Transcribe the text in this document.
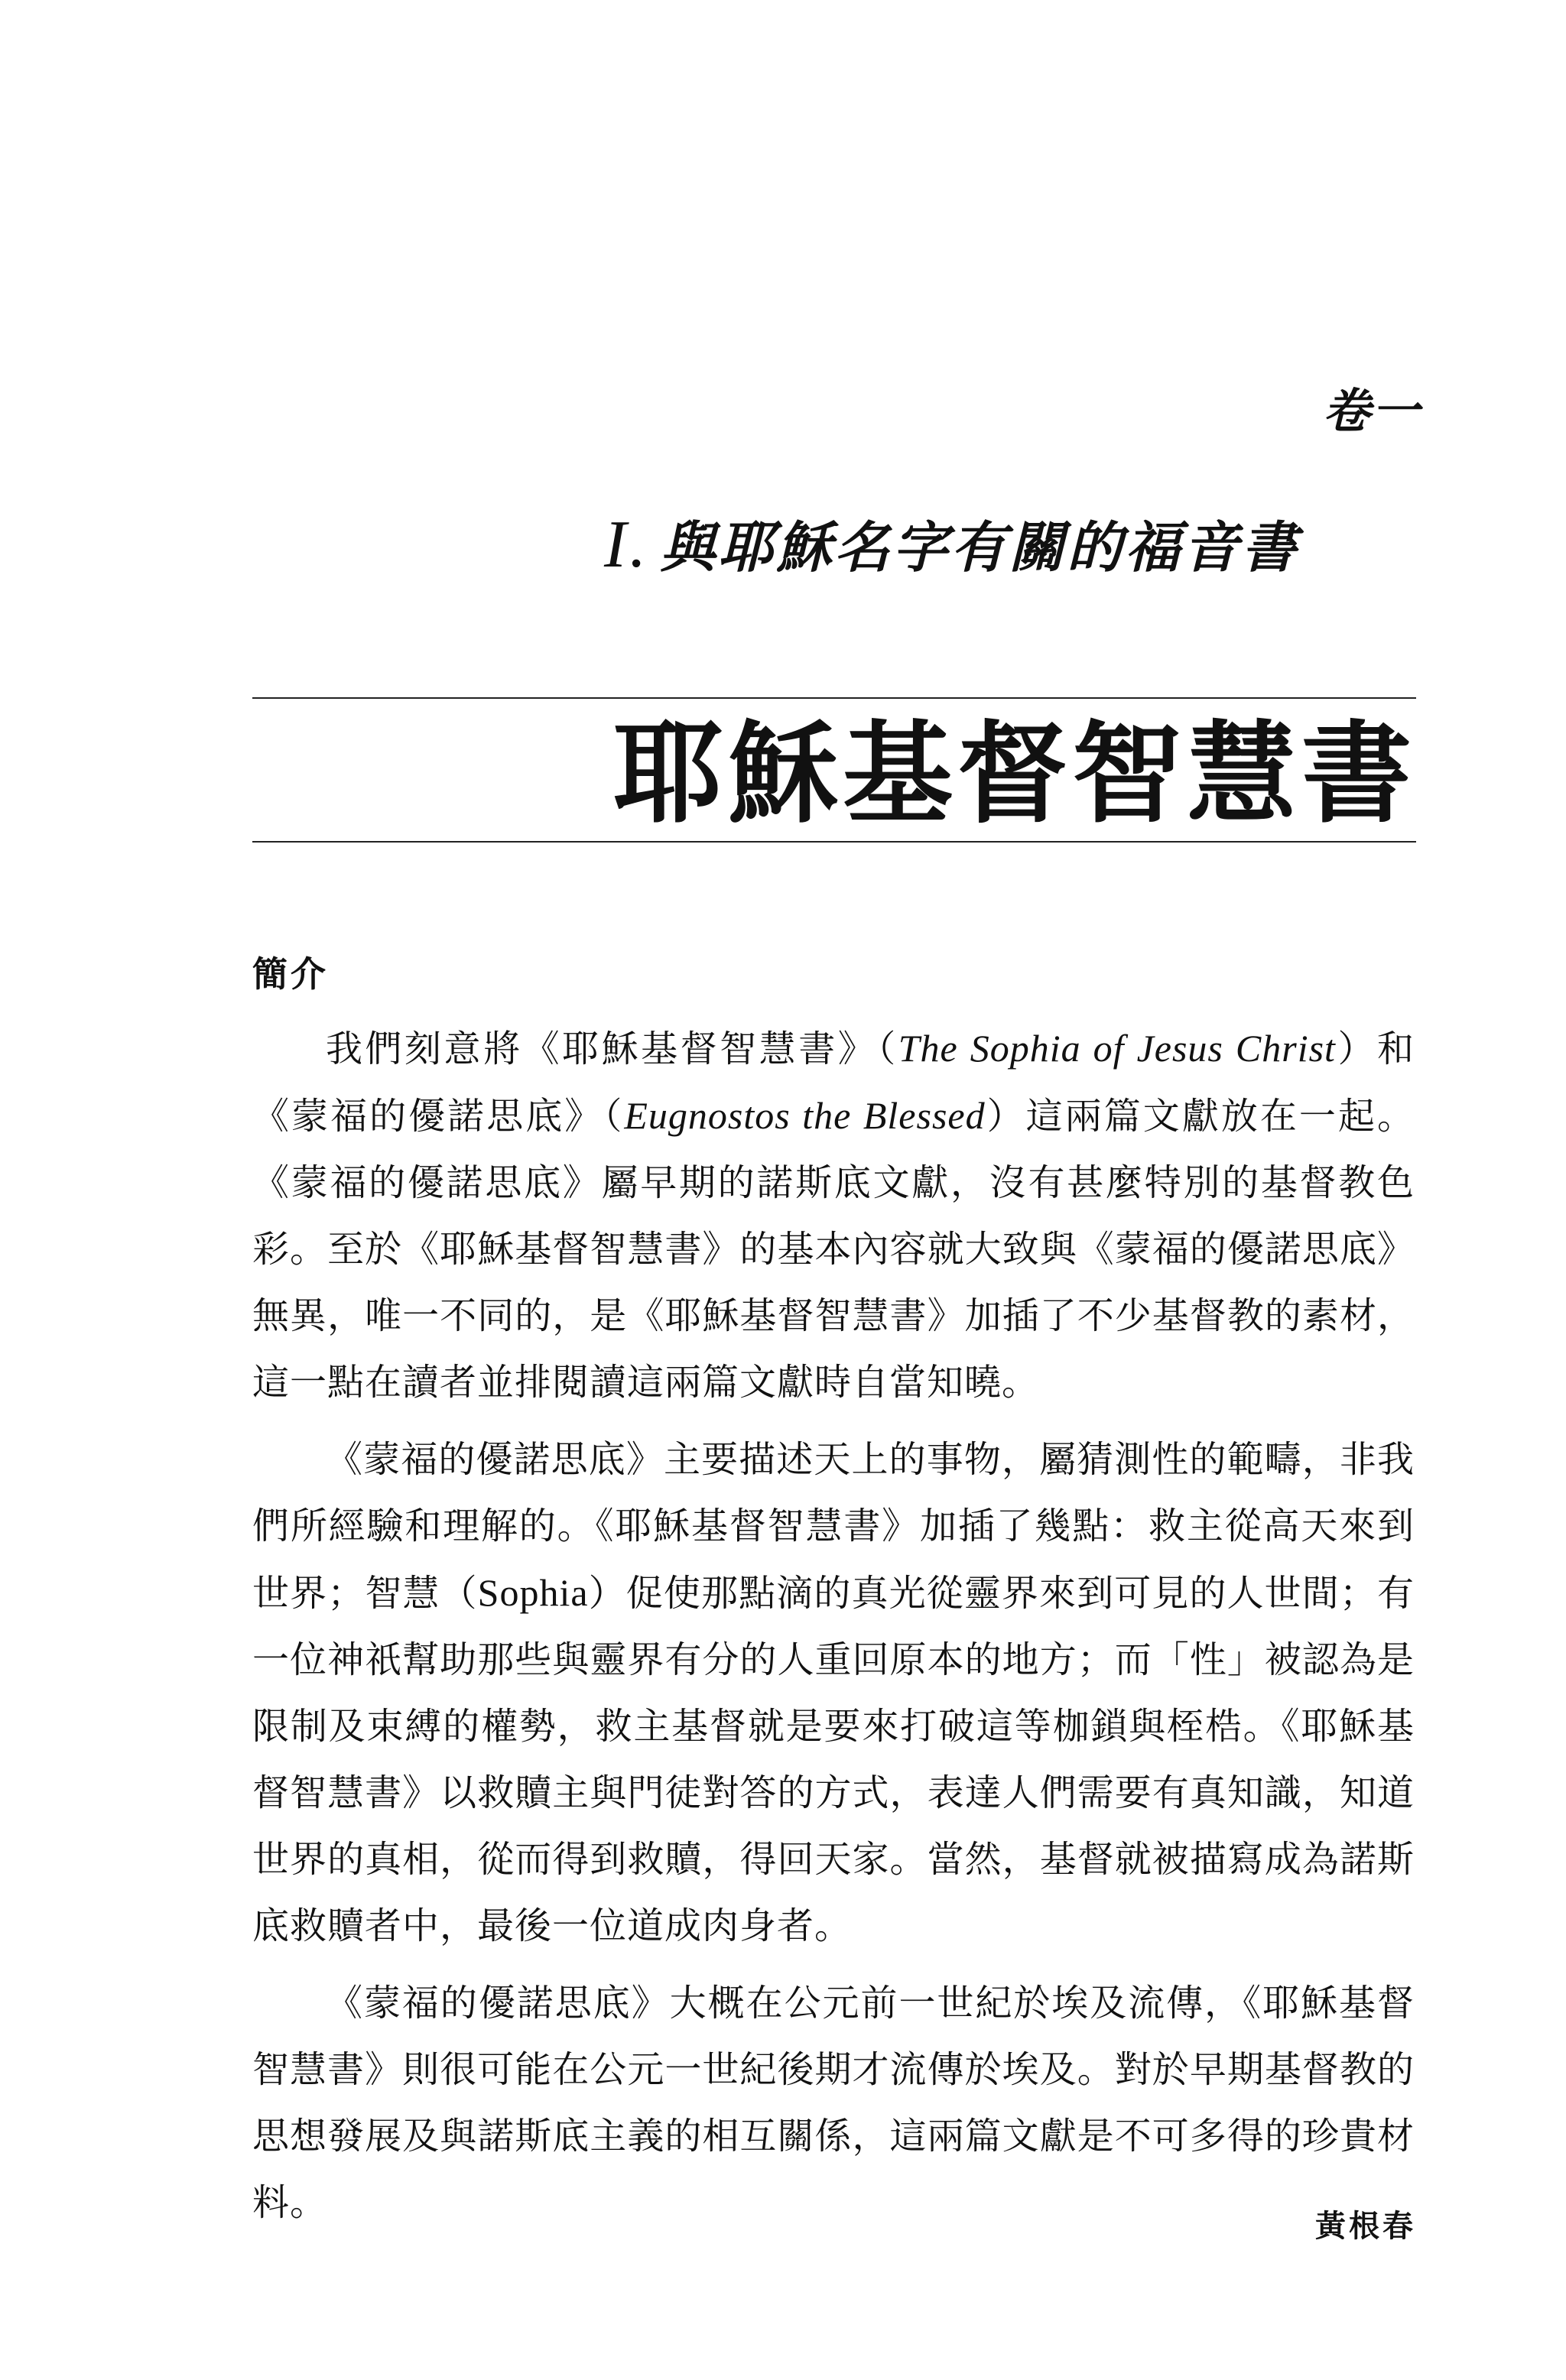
卷一
I. 與耶穌名字有關的福音書
耶穌基督智慧書
簡介

我們刻意將《耶穌基督智慧書》（The Sophia of Jesus Christ）和《蒙福的優諾思底》（Eugnostos the Blessed）這兩篇文獻放在一起。《蒙福的優諾思底》屬早期的諾斯底文獻，沒有甚麼特別的基督教色彩。至於《耶穌基督智慧書》的基本內容就大致與《蒙福的優諾思底》無異，唯一不同的，是《耶穌基督智慧書》加插了不少基督教的素材，這一點在讀者並排閱讀這兩篇文獻時自當知曉。

《蒙福的優諾思底》主要描述天上的事物，屬猜測性的範疇，非我們所經驗和理解的。《耶穌基督智慧書》加插了幾點：救主從高天來到世界；智慧（Sophia）促使那點滴的真光從靈界來到可見的人世間；有一位神祇幫助那些與靈界有分的人重回原本的地方；而「性」被認為是限制及束縛的權勢，救主基督就是要來打破這等枷鎖與桎梏。《耶穌基督智慧書》以救贖主與門徒對答的方式，表達人們需要有真知識，知道世界的真相，從而得到救贖，得回天家。當然，基督就被描寫成為諾斯底救贖者中，最後一位道成肉身者。

《蒙福的優諾思底》大概在公元前一世紀於埃及流傳，《耶穌基督智慧書》則很可能在公元一世紀後期才流傳於埃及。對於早期基督教的思想發展及與諾斯底主義的相互關係，這兩篇文獻是不可多得的珍貴材料。

黃根春
